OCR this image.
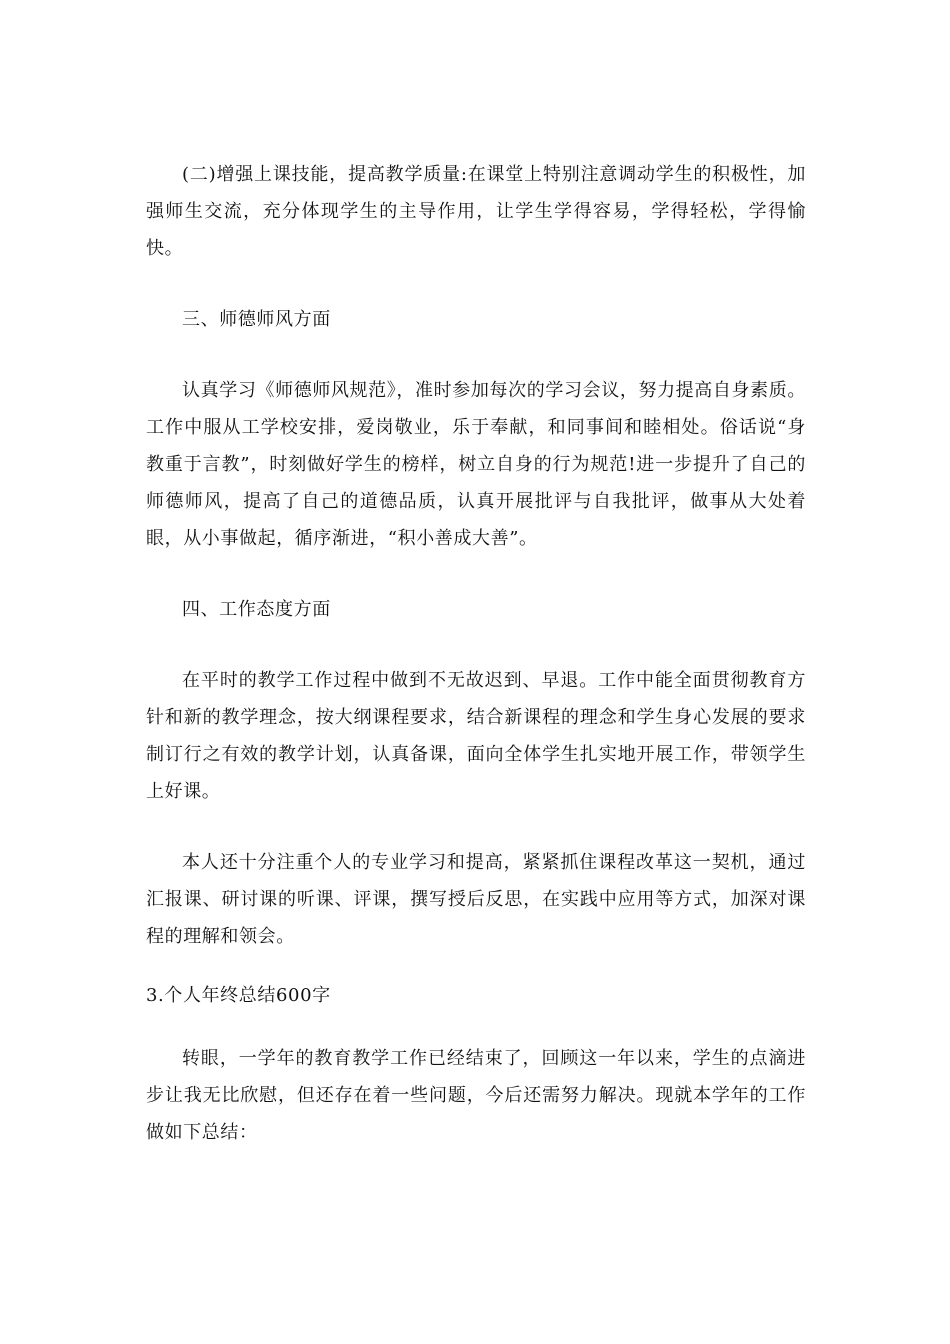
(二)增强上课技能，提高教学质量:在课堂上特别注意调动学生的积极性，加强师生交流，充分体现学生的主导作用，让学生学得容易，学得轻松，学得愉快。

三、师德师风方面

认真学习《师德师风规范》，准时参加每次的学习会议，努力提高自身素质。工作中服从工学校安排，爱岗敬业，乐于奉献，和同事间和睦相处。俗话说“身教重于言教”，时刻做好学生的榜样，树立自身的行为规范!进一步提升了自己的师德师风，提高了自己的道德品质，认真开展批评与自我批评，做事从大处着眼，从小事做起，循序渐进，“积小善成大善”。

四、工作态度方面

在平时的教学工作过程中做到不无故迟到、早退。工作中能全面贯彻教育方针和新的教学理念，按大纲课程要求，结合新课程的理念和学生身心发展的要求制订行之有效的教学计划，认真备课，面向全体学生扎实地开展工作，带领学生上好课。

本人还十分注重个人的专业学习和提高，紧紧抓住课程改革这一契机，通过汇报课、研讨课的听课、评课，撰写授后反思，在实践中应用等方式，加深对课程的理解和领会。

3.个人年终总结600字

转眼，一学年的教育教学工作已经结束了，回顾这一年以来，学生的点滴进步让我无比欣慰，但还存在着一些问题，今后还需努力解决。现就本学年的工作做如下总结：
